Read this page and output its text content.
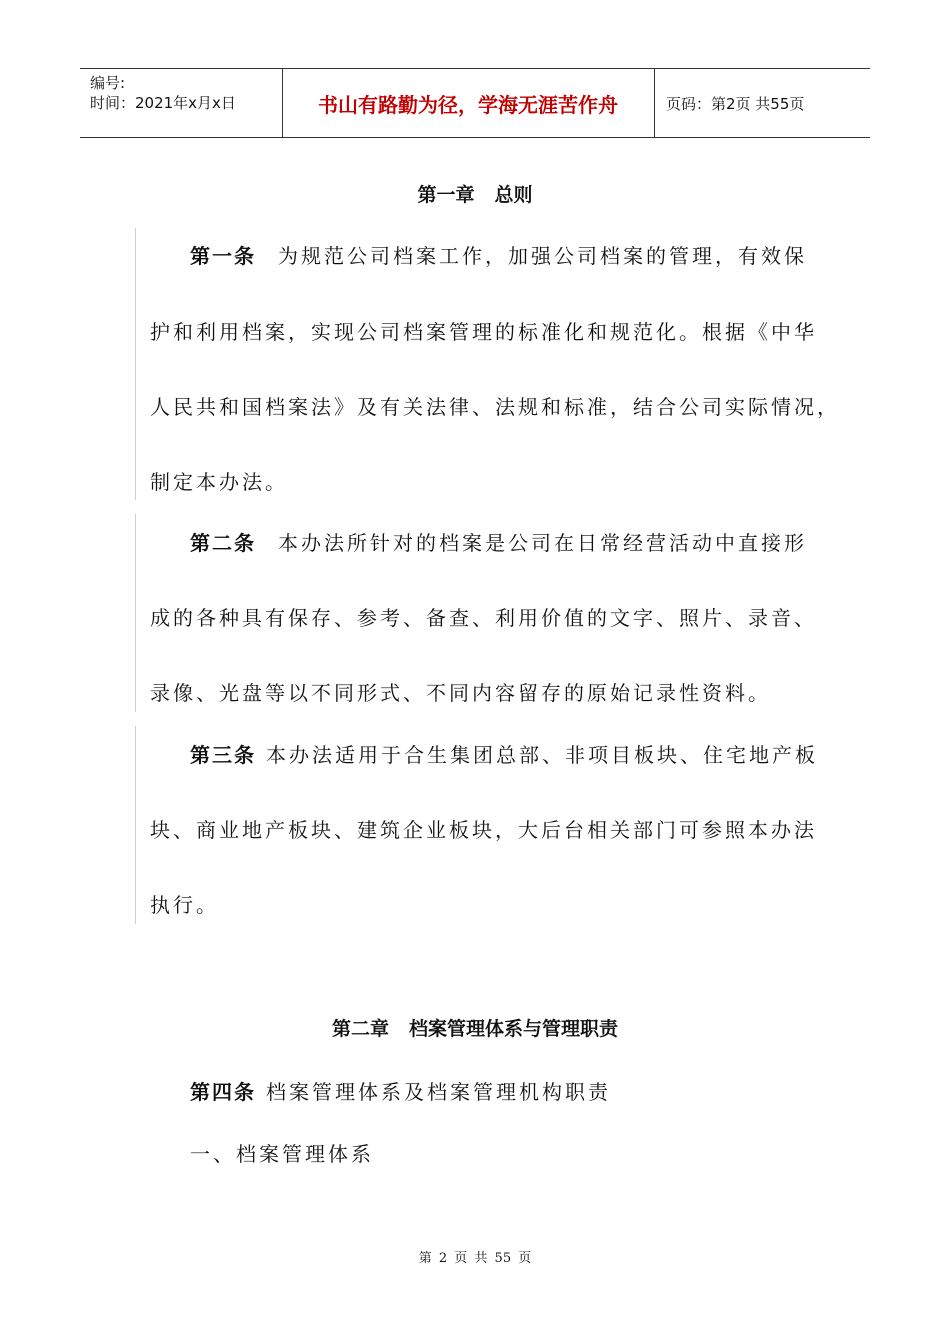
编号:
时间：2021年x月x日	书山有路勤为径，学海无涯苦作舟	页码：第2页 共55页
第一章 总则
第一条 为规范公司档案工作，加强公司档案的管理，有效保
护和利用档案，实现公司档案管理的标准化和规范化。根据《中华
人民共和国档案法》及有关法律、法规和标准，结合公司实际情况，
制定本办法。
第二条 本办法所针对的档案是公司在日常经营活动中直接形
成的各种具有保存、参考、备查、利用价值的文字、照片、录音、
录像、光盘等以不同形式、不同内容留存的原始记录性资料。
第三条 本办法适用于合生集团总部、非项目板块、住宅地产板
块、商业地产板块、建筑企业板块，大后台相关部门可参照本办法
执行。
第二章 档案管理体系与管理职责
第四条 档案管理体系及档案管理机构职责
一、档案管理体系
第 2 页 共 55 页
